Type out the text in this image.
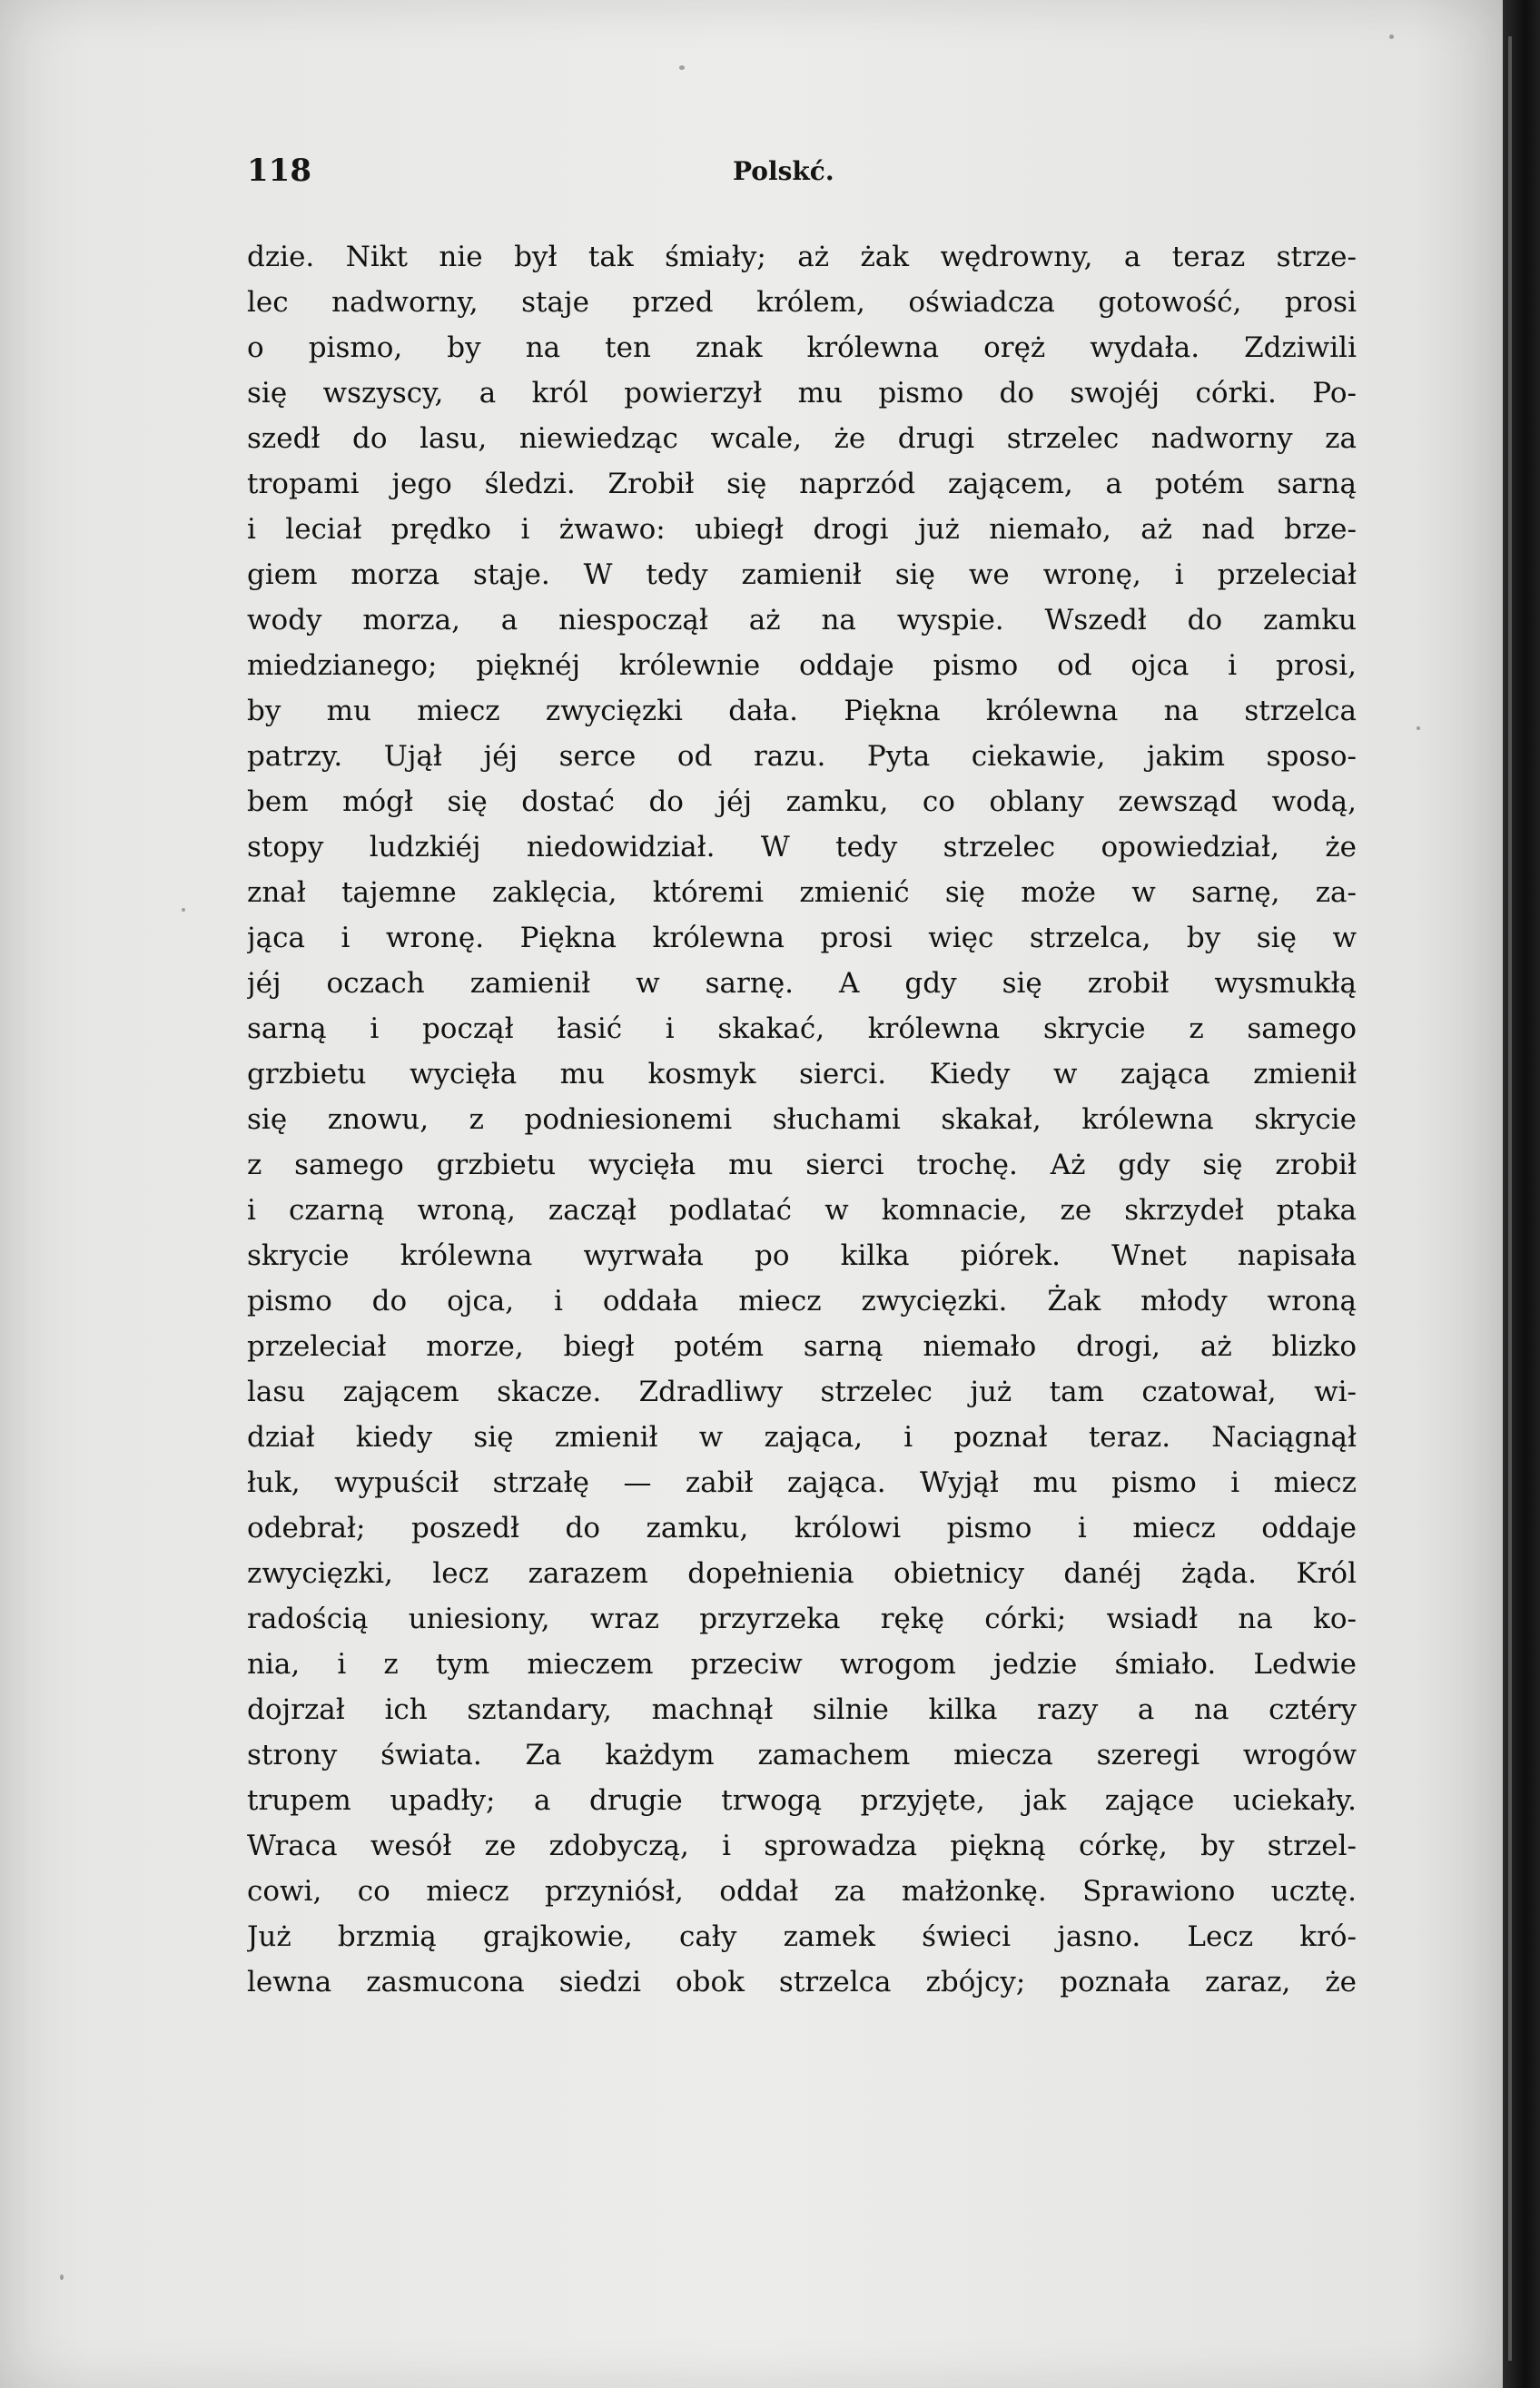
118	Polskć.
dzie. Nikt nie był tak śmiały; aż żak wędrowny, a teraz strze-
lec nadworny, staje przed królem, oświadcza gotowość, prosi
o pismo, by na ten znak królewna oręż wydała. Zdziwili
się wszyscy, a król powierzył mu pismo do swojéj córki. Po-
szedł do lasu, niewiedząc wcale, że drugi strzelec nadworny za
tropami jego śledzi. Zrobił się naprzód zającem, a potém sarną
i leciał prędko i żwawo: ubiegł drogi już niemało, aż nad brze-
giem morza staje. W tedy zamienił się we wronę, i przeleciał
wody morza, a niespoczął aż na wyspie. Wszedł do zamku
miedzianego; pięknéj królewnie oddaje pismo od ojca i prosi,
by mu miecz zwycięzki dała. Piękna królewna na strzelca
patrzy. Ujął jéj serce od razu. Pyta ciekawie, jakim sposo-
bem mógł się dostać do jéj zamku, co oblany zewsząd wodą,
stopy ludzkiéj niedowidział. W tedy strzelec opowiedział, że
znał tajemne zaklęcia, któremi zmienić się może w sarnę, za-
jąca i wronę. Piękna królewna prosi więc strzelca, by się w
jéj oczach zamienił w sarnę. A gdy się zrobił wysmukłą
sarną i począł łasić i skakać, królewna skrycie z samego
grzbietu wycięła mu kosmyk sierci. Kiedy w zająca zmienił
się znowu, z podniesionemi słuchami skakał, królewna skrycie
z samego grzbietu wycięła mu sierci trochę. Aż gdy się zrobił
i czarną wroną, zaczął podlatać w komnacie, ze skrzydeł ptaka
skrycie królewna wyrwała po kilka piórek. Wnet napisała
pismo do ojca, i oddała miecz zwycięzki. Żak młody wroną
przeleciał morze, biegł potém sarną niemało drogi, aż blizko
lasu zającem skacze. Zdradliwy strzelec już tam czatował, wi-
dział kiedy się zmienił w zająca, i poznał teraz. Naciągnął
łuk, wypuścił strzałę — zabił zająca. Wyjął mu pismo i miecz
odebrał; poszedł do zamku, królowi pismo i miecz oddaje
zwycięzki, lecz zarazem dopełnienia obietnicy danéj żąda. Król
radością uniesiony, wraz przyrzeka rękę córki; wsiadł na ko-
nia, i z tym mieczem przeciw wrogom jedzie śmiało. Ledwie
dojrzał ich sztandary, machnął silnie kilka razy a na cztéry
strony świata. Za każdym zamachem miecza szeregi wrogów
trupem upadły; a drugie trwogą przyjęte, jak zające uciekały.
Wraca wesół ze zdobyczą, i sprowadza piękną córkę, by strzel-
cowi, co miecz przyniósł, oddał za małżonkę. Sprawiono ucztę.
Już brzmią grajkowie, cały zamek świeci jasno. Lecz kró-
lewna zasmucona siedzi obok strzelca zbójcy; poznała zaraz, że
